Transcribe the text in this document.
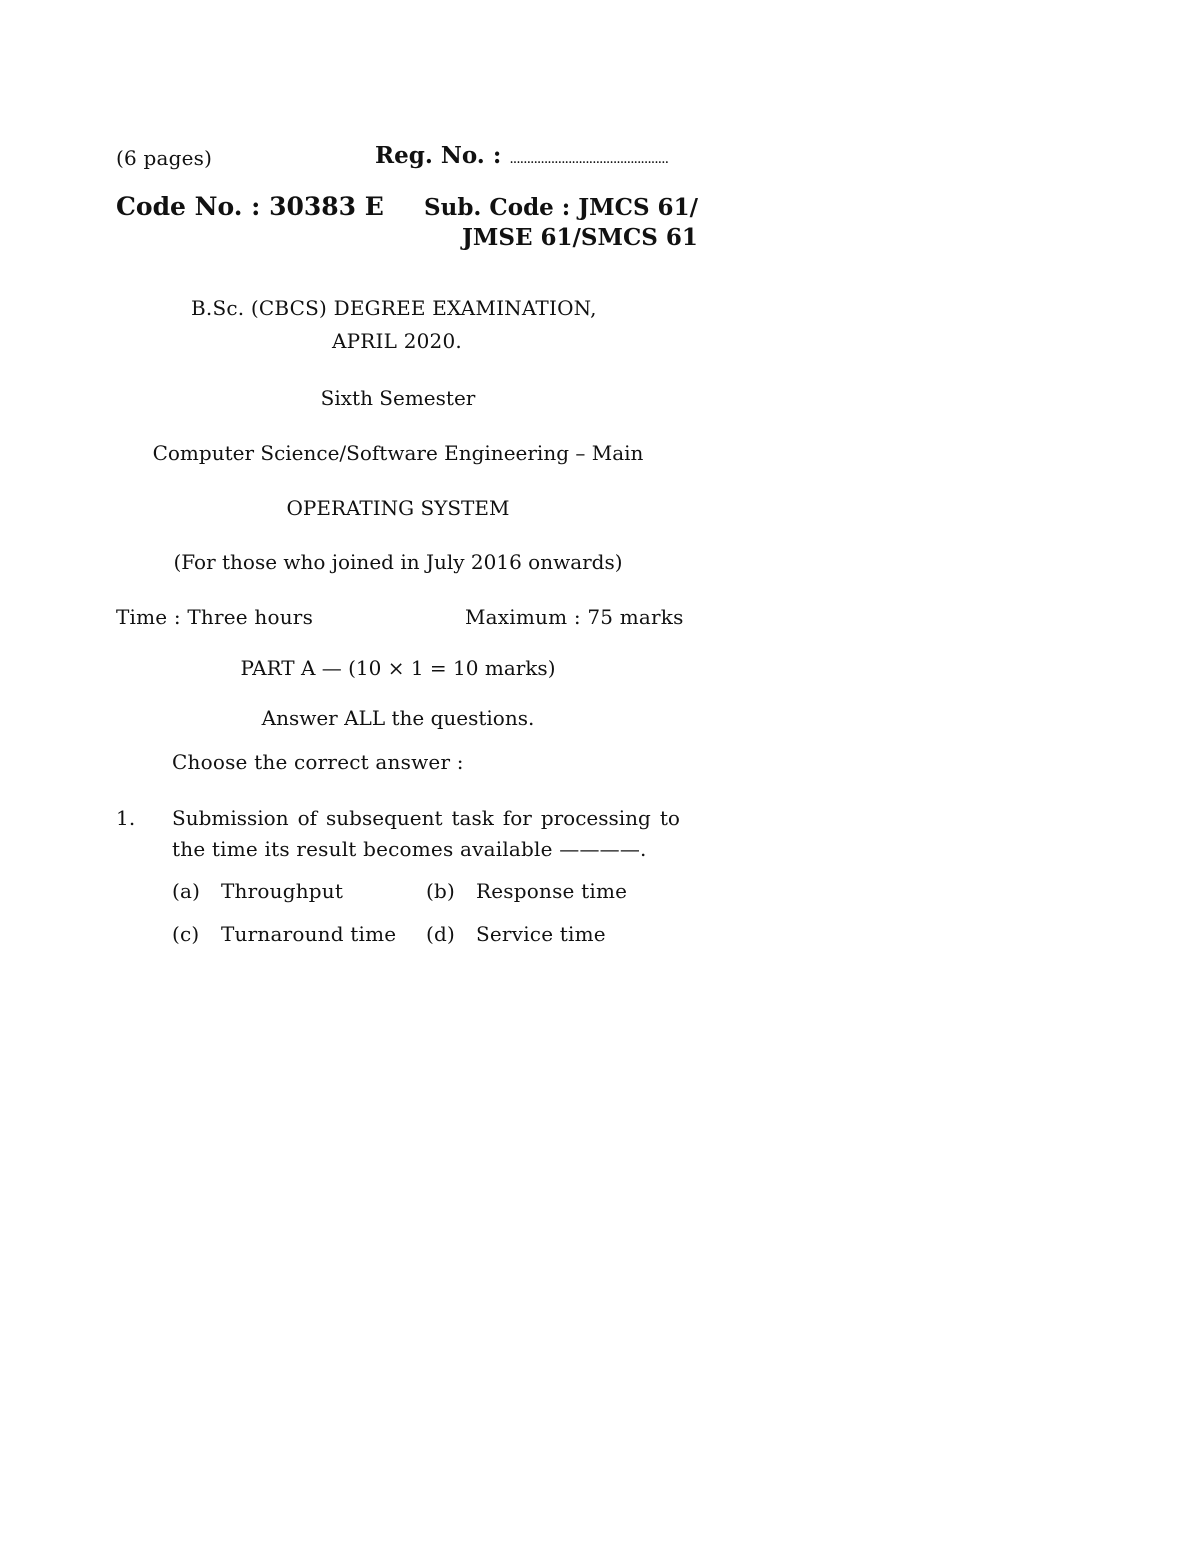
(6 pages)	Reg. No. : ..............................................
Code No. : 30383 E Sub. Code : JMCS 61/
JMSE 61/SMCS 61
B.Sc. (CBCS) DEGREE EXAMINATION,
APRIL 2020.
Sixth Semester
Computer Science/Software Engineering – Main
OPERATING SYSTEM
(For those who joined in July 2016 onwards)
Time : Three hours	Maximum : 75 marks
PART A — (10 × 1 = 10 marks)
Answer ALL the questions.
Choose the correct answer :
1. Submission of subsequent task for processing to
the time its result becomes available ————.
(a) Throughput	(b) Response time
(c) Turnaround time (d) Service time
